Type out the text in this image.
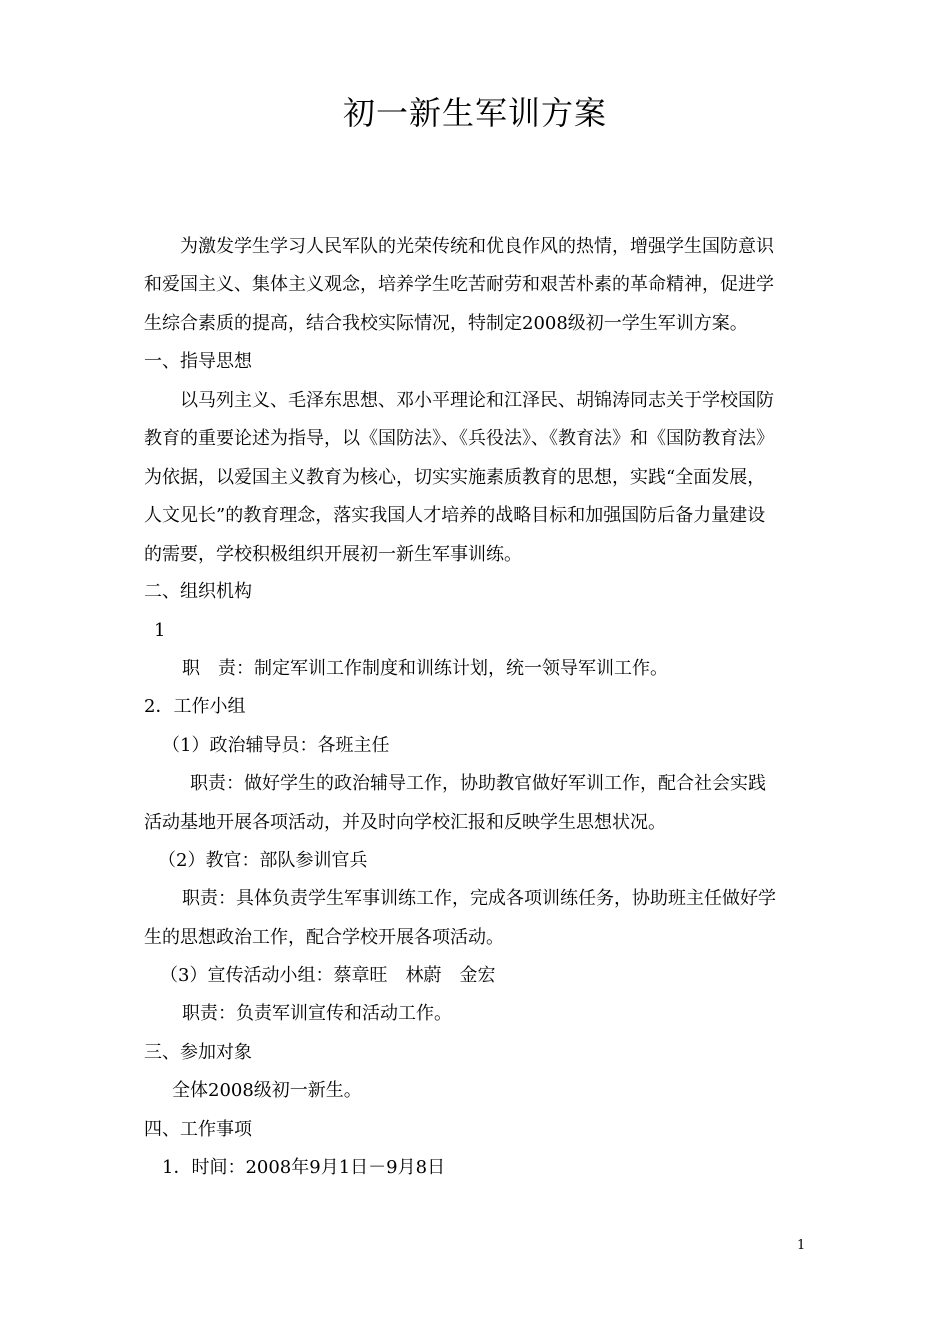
初一新生军训方案
为激发学生学习人民军队的光荣传统和优良作风的热情，增强学生国防意识
和爱国主义、集体主义观念，培养学生吃苦耐劳和艰苦朴素的革命精神，促进学
生综合素质的提高，结合我校实际情况，特制定2008级初一学生军训方案。
一、指导思想
以马列主义、毛泽东思想、邓小平理论和江泽民、胡锦涛同志关于学校国防
教育的重要论述为指导，以《国防法》、《兵役法》、《教育法》和《国防教育法》
为依据，以爱国主义教育为核心，切实实施素质教育的思想，实践“全面发展，
人文见长”的教育理念，落实我国人才培养的战略目标和加强国防后备力量建设
的需要，学校积极组织开展初一新生军事训练。
二、组织机构
1
职　责：制定军训工作制度和训练计划，统一领导军训工作。
2．工作小组
（1）政治辅导员：各班主任
职责：做好学生的政治辅导工作，协助教官做好军训工作，配合社会实践
活动基地开展各项活动，并及时向学校汇报和反映学生思想状况。
（2）教官：部队参训官兵
职责：具体负责学生军事训练工作，完成各项训练任务，协助班主任做好学
生的思想政治工作，配合学校开展各项活动。
（3）宣传活动小组：蔡章旺　林蔚　金宏
职责：负责军训宣传和活动工作。
三、参加对象
全体2008级初一新生。
四、工作事项
1．时间：2008年9月1日－9月8日
1
